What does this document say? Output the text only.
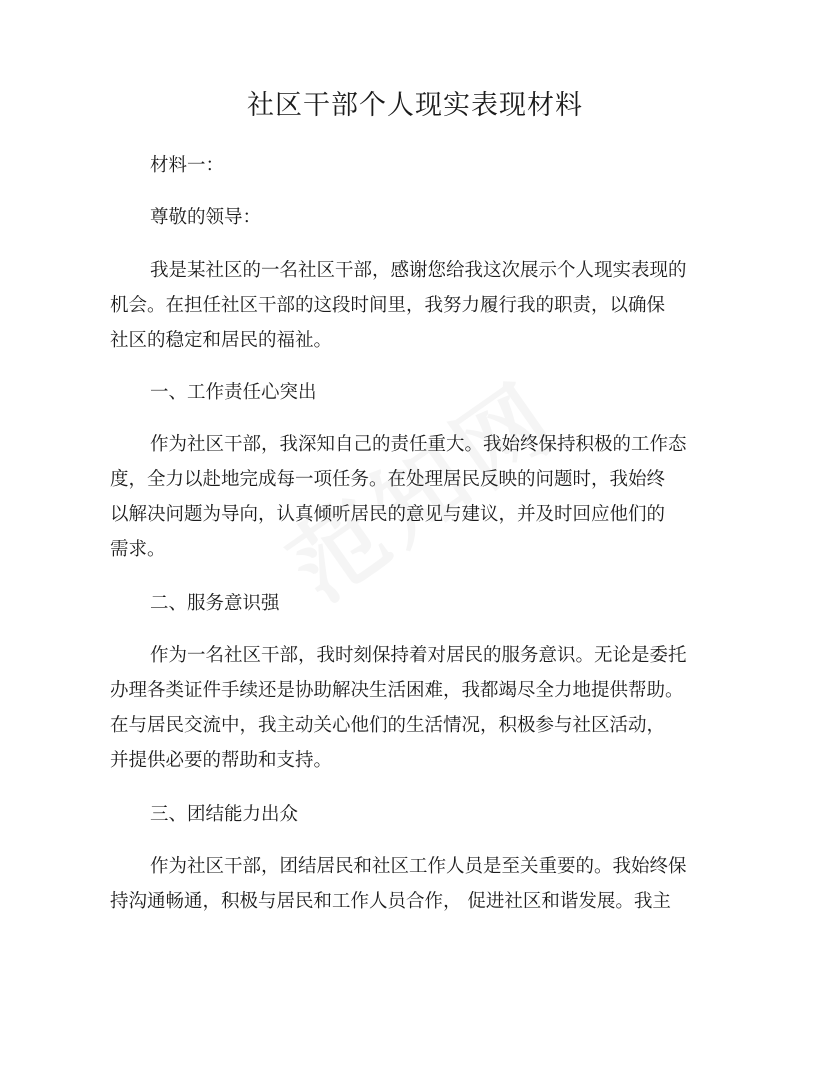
社区干部个人现实表现材料

材料一：

尊敬的领导：

我是某社区的一名社区干部，感谢您给我这次展示个人现实表现的
机会。在担任社区干部的这段时间里，我努力履行我的职责，以确保
社区的稳定和居民的福祉。

一、工作责任心突出

作为社区干部，我深知自己的责任重大。我始终保持积极的工作态
度，全力以赴地完成每一项任务。在处理居民反映的问题时，我始终
以解决问题为导向，认真倾听居民的意见与建议，并及时回应他们的
需求。

二、服务意识强

作为一名社区干部，我时刻保持着对居民的服务意识。无论是委托
办理各类证件手续还是协助解决生活困难，我都竭尽全力地提供帮助。
在与居民交流中，我主动关心他们的生活情况，积极参与社区活动，
并提供必要的帮助和支持。

三、团结能力出众

作为社区干部，团结居民和社区工作人员是至关重要的。我始终保
持沟通畅通，积极与居民和工作人员合作， 促进社区和谐发展。我主
